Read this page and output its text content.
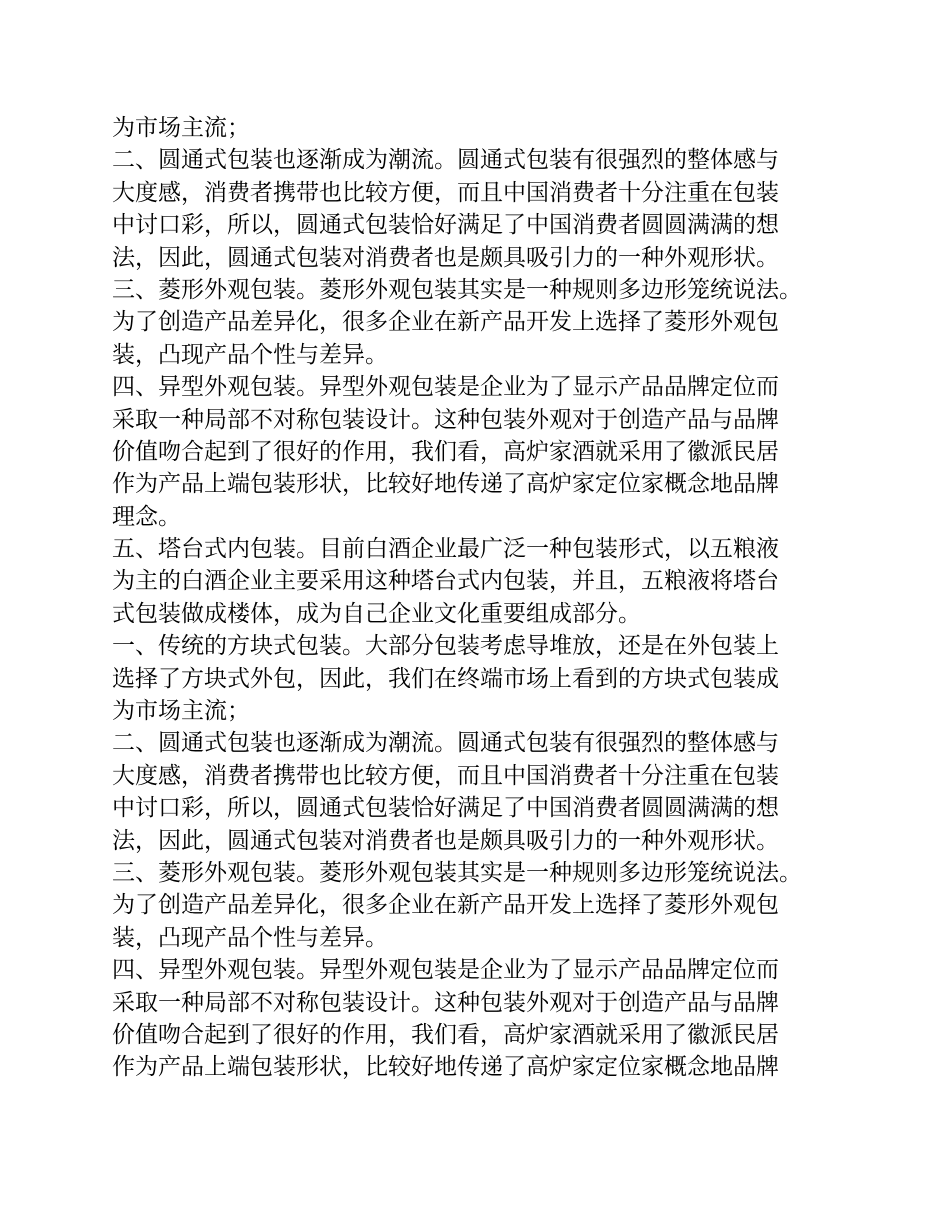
为市场主流；
二、圆通式包装也逐渐成为潮流。圆通式包装有很强烈的整体感与
大度感，消费者携带也比较方便，而且中国消费者十分注重在包装
中讨口彩，所以，圆通式包装恰好满足了中国消费者圆圆满满的想
法，因此，圆通式包装对消费者也是颇具吸引力的一种外观形状。
三、菱形外观包装。菱形外观包装其实是一种规则多边形笼统说法。
为了创造产品差异化，很多企业在新产品开发上选择了菱形外观包
装，凸现产品个性与差异。
四、异型外观包装。异型外观包装是企业为了显示产品品牌定位而
采取一种局部不对称包装设计。这种包装外观对于创造产品与品牌
价值吻合起到了很好的作用，我们看，高炉家酒就采用了徽派民居
作为产品上端包装形状，比较好地传递了高炉家定位家概念地品牌
理念。
五、塔台式内包装。目前白酒企业最广泛一种包装形式，以五粮液
为主的白酒企业主要采用这种塔台式内包装，并且，五粮液将塔台
式包装做成楼体，成为自己企业文化重要组成部分。
一、传统的方块式包装。大部分包装考虑导堆放，还是在外包装上
选择了方块式外包，因此，我们在终端市场上看到的方块式包装成
为市场主流；
二、圆通式包装也逐渐成为潮流。圆通式包装有很强烈的整体感与
大度感，消费者携带也比较方便，而且中国消费者十分注重在包装
中讨口彩，所以，圆通式包装恰好满足了中国消费者圆圆满满的想
法，因此，圆通式包装对消费者也是颇具吸引力的一种外观形状。
三、菱形外观包装。菱形外观包装其实是一种规则多边形笼统说法。
为了创造产品差异化，很多企业在新产品开发上选择了菱形外观包
装，凸现产品个性与差异。
四、异型外观包装。异型外观包装是企业为了显示产品品牌定位而
采取一种局部不对称包装设计。这种包装外观对于创造产品与品牌
价值吻合起到了很好的作用，我们看，高炉家酒就采用了徽派民居
作为产品上端包装形状，比较好地传递了高炉家定位家概念地品牌
